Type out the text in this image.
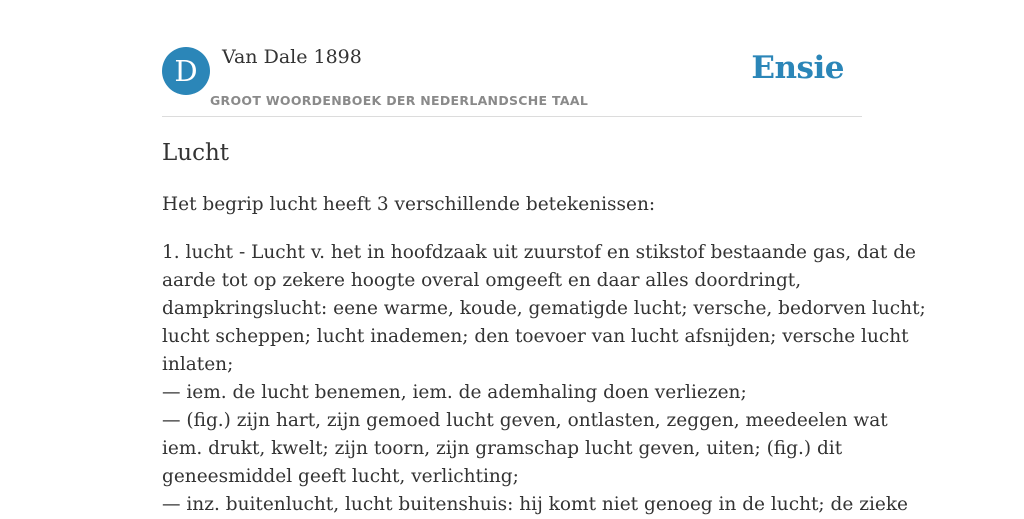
D	Van Dale 1898
GROOT WOORDENBOEK DER NEDERLANDSCHE TAAL
Ensie
Lucht

Het begrip lucht heeft 3 verschillende betekenissen:

1. lucht - Lucht v. het in hoofdzaak uit zuurstof en stikstof bestaande gas, dat de
aarde tot op zekere hoogte overal omgeeft en daar alles doordringt,
dampkringslucht: eene warme, koude, gematigde lucht; versche, bedorven lucht;
lucht scheppen; lucht inademen; den toevoer van lucht afsnijden; versche lucht
inlaten;
— iem. de lucht benemen, iem. de ademhaling doen verliezen;
— (fig.) zijn hart, zijn gemoed lucht geven, ontlasten, zeggen, meedeelen wat
iem. drukt, kwelt; zijn toorn, zijn gramschap lucht geven, uiten; (fig.) dit
geneesmiddel geeft lucht, verlichting;
— inz. buitenlucht, lucht buitenshuis: hij komt niet genoeg in de lucht; de zieke
